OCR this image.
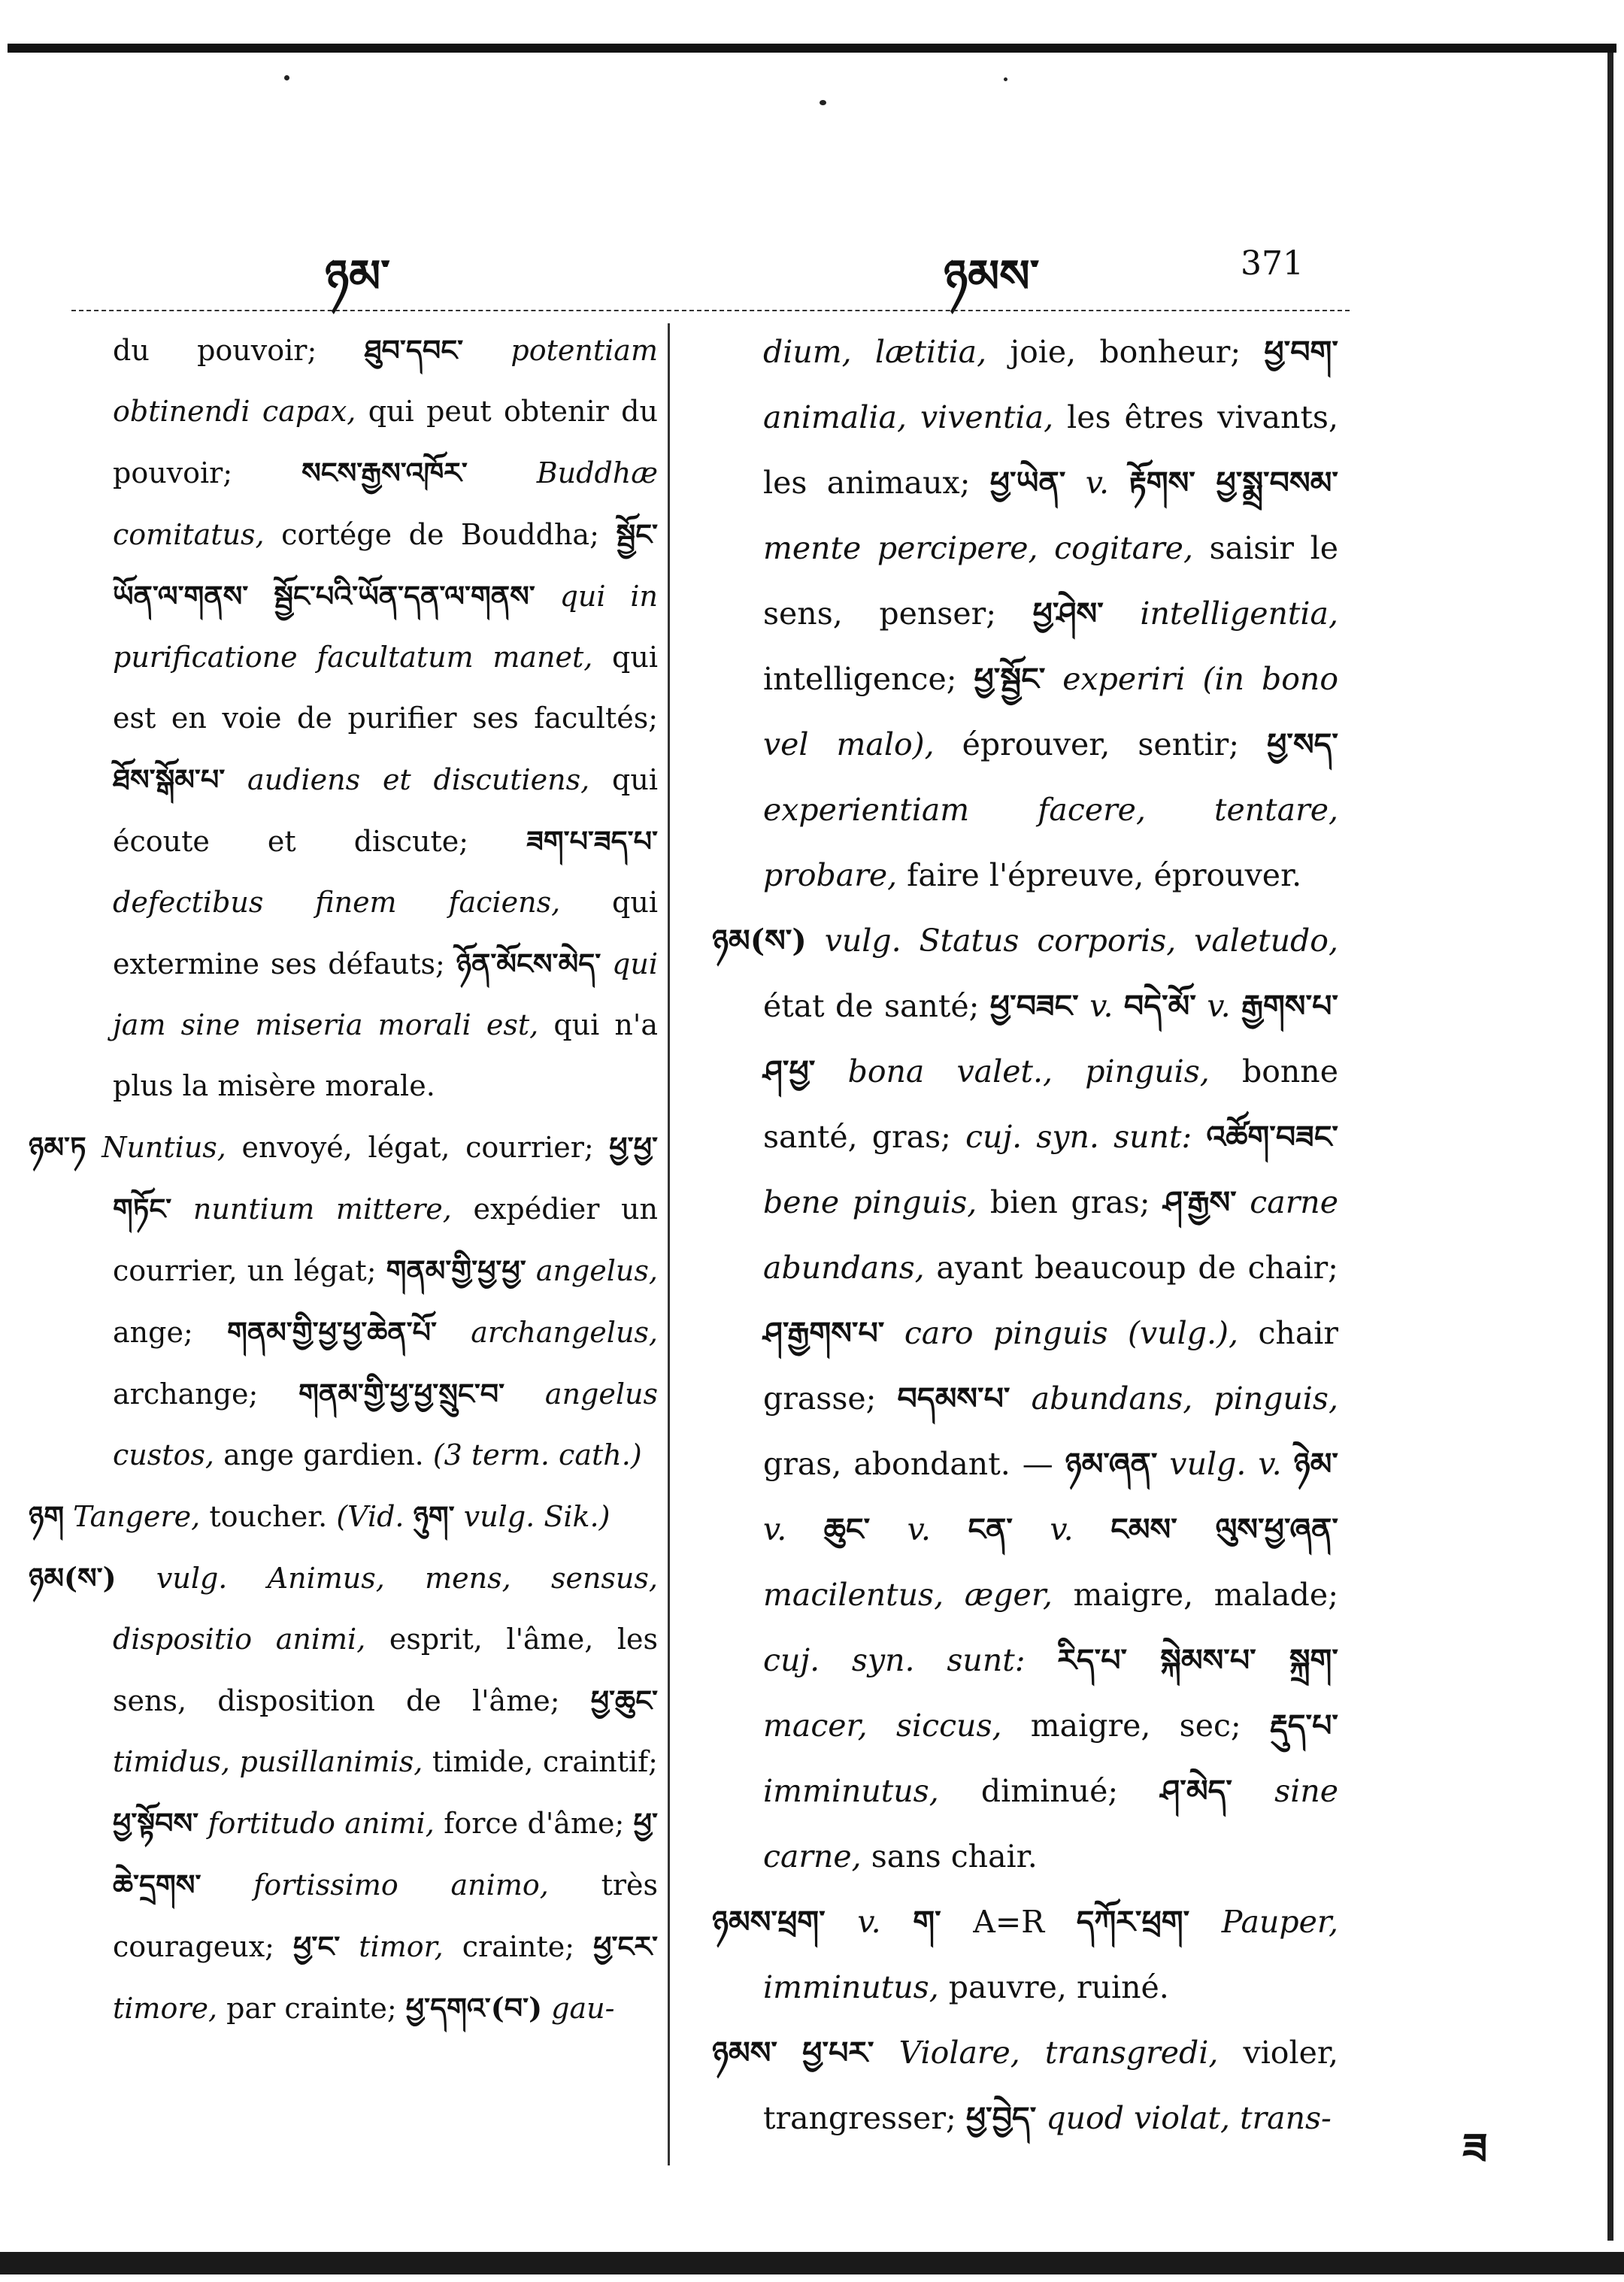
ཉམ་	ཉམས་	371

du pouvoir; ཐུབ་དབང་ potentiam obtinendi capax, qui peut obtenir du pouvoir; སངས་རྒྱས་འཁོར་ Buddhæ comitatus, cortége de Bouddha; སྦྱོང་ཡོན་ལ་གནས་ སྦྱོང་པའི་ཡོན་དན་ལ་གནས་ qui in purificatione facultatum manet, qui est en voie de purifier ses facultés; ཐོས་སྒོམ་པ་ audiens et discutiens, qui écoute et discute; ཟག་པ་ཟད་པ་ defectibus finem faciens, qui extermine ses défauts; ཉོན་མོངས་མེད་ qui jam sine miseria morali est, qui n'a plus la misère morale.

ཉམ་ཏ Nuntius, envoyé, légat, courrier; ཕྱ་ཕྱ་གཏོང་ nuntium mittere, expédier un courrier, un légat; གནམ་གྱི་ཕྱ་ཕྱ་ angelus, ange; གནམ་གྱི་ཕྱ་ཕྱ་ཆེན་པོ་ archangelus, archange; གནམ་གྱི་ཕྱ་ཕྱ་སྲུང་བ་ angelus custos, ange gardien. (3 term. cath.)

ཉག Tangere, toucher. (Vid. ཉུག་ vulg. Sik.)

ཉམ(ས་) vulg. Animus, mens, sensus, dispositio animi, esprit, l'âme, les sens, disposition de l'âme; ཕྱ་ཆུང་ timidus, pusillanimis, timide, craintif; ཕྱ་སྟོབས་ fortitudo animi, force d'âme; ཕྱ་ཆེ་དྲགས་ fortissimo animo, très courageux; ཕྱ་ང་ timor, crainte; ཕྱ་ངར་ timore, par crainte; ཕྱ་དགའ་(བ་) gau-

dium, lætitia, joie, bonheur; ཕྱ་བག་ animalia, viventia, les êtres vivants, les animaux; ཕྱ་ཡེན་ v. རྟོགས་ ཕྱ་སྨྲ་བསམ་ mente percipere, cogitare, saisir le sens, penser; ཕྱ་ཤེས་ intelligentia, intelligence; ཕྱ་སྦྱོང་ experiri (in bono vel malo), éprouver, sentir; ཕྱ་སད་ experientiam facere, tentare, probare, faire l'épreuve, éprouver.

ཉམ(ས་) vulg. Status corporis, valetudo, état de santé; ཕྱ་བཟང་ v. བདེ་མོ་ v. རྒྱགས་པ་ ཤ་ཕྱ་ bona valet., pinguis, bonne santé, gras; cuj. syn. sunt: འཚོག་བཟང་ bene pinguis, bien gras; ཤ་རྒྱས་ carne abundans, ayant beaucoup de chair; ཤ་རྒྱགས་པ་ caro pinguis (vulg.), chair grasse; བདམས་པ་ abundans, pinguis, gras, abondant. — ཉམ་ཞན་ vulg. v. ཉེམ་ v. ཆུང་ v. ངན་ v. ངམས་ ལུས་ཕྱ་ཞན་ macilentus, æger, maigre, malade; cuj. syn. sunt: རིད་པ་ སྐེམས་པ་ སྐྲག་ macer, siccus, maigre, sec; རྡུད་པ་ imminutus, diminué; ཤ་མེད་ sine carne, sans chair.

ཉམས་ཕྲག་ v. ག་ A=R དཀོར་ཕྲག་ Pauper, imminutus, pauvre, ruiné.

ཉམས་ ཕྱ་པར་ Violare, transgredi, violer, trangresser; ཕྱ་བྱེད་ quod violat, trans-

ཟ
